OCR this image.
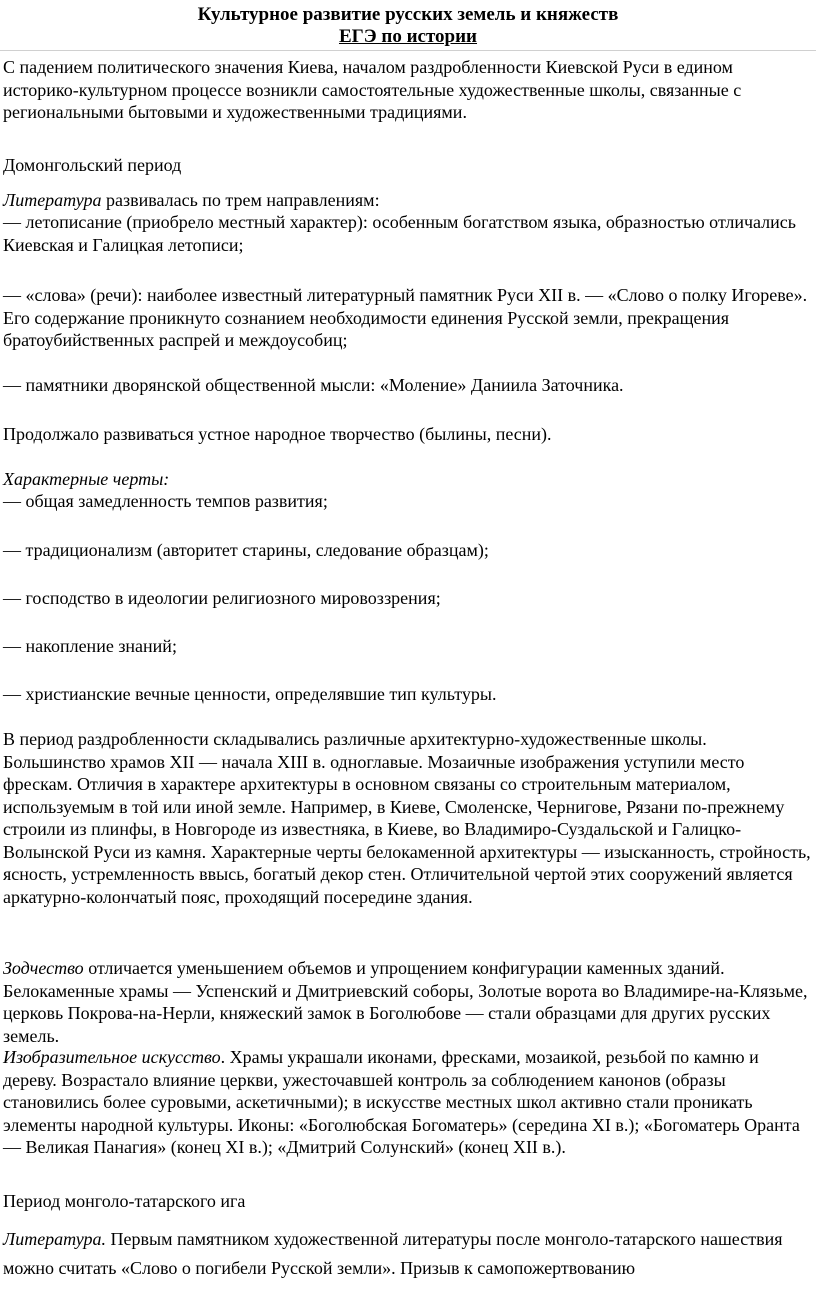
Культурное развитие русских земель и княжеств
ЕГЭ по истории
С падением политического значения Киева, началом раздробленности Киевской Руси в едином историко-культурном процессе возникли самостоятельные художественные школы, связанные с региональными бытовыми и художественными традициями.
Домонгольский период
Литература развивалась по трем направлениям:
— летописание (приобрело местный характер): особенным богатством языка, образностью отличались Киевская и Галицкая летописи;
— «слова» (речи): наиболее известный литературный памятник Руси XII в. — «Слово о полку Игореве». Его содержание проникнуто сознанием необходимости единения Русской земли, прекращения братоубийственных распрей и междоусобиц;
— памятники дворянской общественной мысли: «Моление» Даниила Заточника.
Продолжало развиваться устное народное творчество (былины, песни).
Характерные черты:
— общая замедленность темпов развития;
— традиционализм (авторитет старины, следование образцам);
— господство в идеологии религиозного мировоззрения;
— накопление знаний;
— христианские вечные ценности, определявшие тип культуры.
В период раздробленности складывались различные архитектурно-художественные школы. Большинство храмов XII — начала XIII в. одноглавые. Мозаичные изображения уступили место фрескам. Отличия в характере архитектуры в основном связаны со строительным материалом, используемым в той или иной земле. Например, в Киеве, Смоленске, Чернигове, Рязани по-прежнему строили из плинфы, в Новгороде из известняка, в Киеве, во Владимиро-Суздальской и Галицко-Волынской Руси из камня. Характерные черты белокаменной архитектуры — изысканность, стройность, ясность, устремленность ввысь, богатый декор стен. Отличительной чертой этих сооружений является аркатурно-колончатый пояс, проходящий посередине здания.
Зодчество отличается уменьшением объемов и упрощением конфигурации каменных зданий. Белокаменные храмы — Успенский и Дмитриевский соборы, Золотые ворота во Владимире-на-Клязьме, церковь Покрова-на-Нерли, княжеский замок в Боголюбове — стали образцами для других русских земель.
Изобразительное искусство. Храмы украшали иконами, фресками, мозаикой, резьбой по камню и дереву. Возрастало влияние церкви, ужесточавшей контроль за соблюдением канонов (образы становились более суровыми, аскетичными); в искусстве местных школ активно стали проникать элементы народной культуры. Иконы: «Боголюбская Богоматерь» (середина XI в.); «Богоматерь Оранта — Великая Панагия» (конец XI в.); «Дмитрий Солунский» (конец XII в.).
Период монголо-татарского ига
Литература. Первым памятником художественной литературы после монголо-татарского нашествия можно считать «Слово о погибели Русской земли». Призыв к самопожертвованию
